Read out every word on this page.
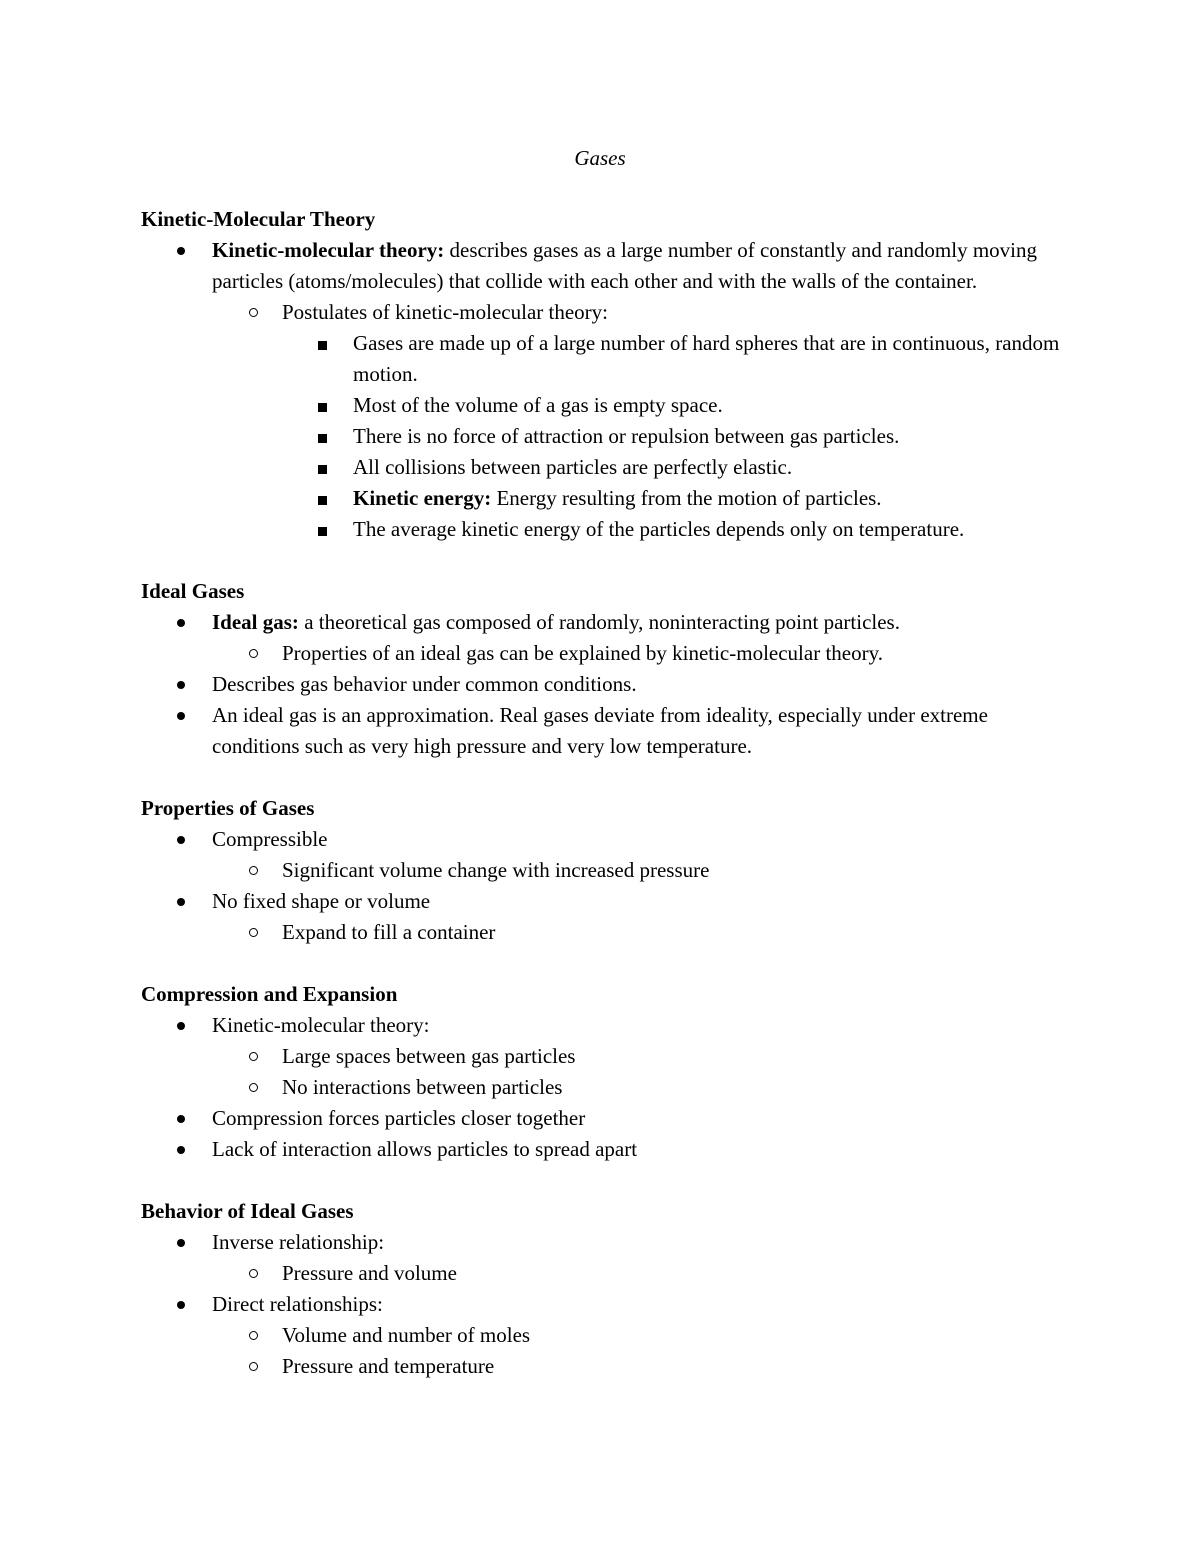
Gases
Kinetic-Molecular Theory
Kinetic-molecular theory: describes gases as a large number of constantly and randomly moving particles (atoms/molecules) that collide with each other and with the walls of the container.
Postulates of kinetic-molecular theory:
Gases are made up of a large number of hard spheres that are in continuous, random motion.
Most of the volume of a gas is empty space.
There is no force of attraction or repulsion between gas particles.
All collisions between particles are perfectly elastic.
Kinetic energy: Energy resulting from the motion of particles.
The average kinetic energy of the particles depends only on temperature.
Ideal Gases
Ideal gas: a theoretical gas composed of randomly, noninteracting point particles.
Properties of an ideal gas can be explained by kinetic-molecular theory.
Describes gas behavior under common conditions.
An ideal gas is an approximation. Real gases deviate from ideality, especially under extreme conditions such as very high pressure and very low temperature.
Properties of Gases
Compressible
Significant volume change with increased pressure
No fixed shape or volume
Expand to fill a container
Compression and Expansion
Kinetic-molecular theory:
Large spaces between gas particles
No interactions between particles
Compression forces particles closer together
Lack of interaction allows particles to spread apart
Behavior of Ideal Gases
Inverse relationship:
Pressure and volume
Direct relationships:
Volume and number of moles
Pressure and temperature
